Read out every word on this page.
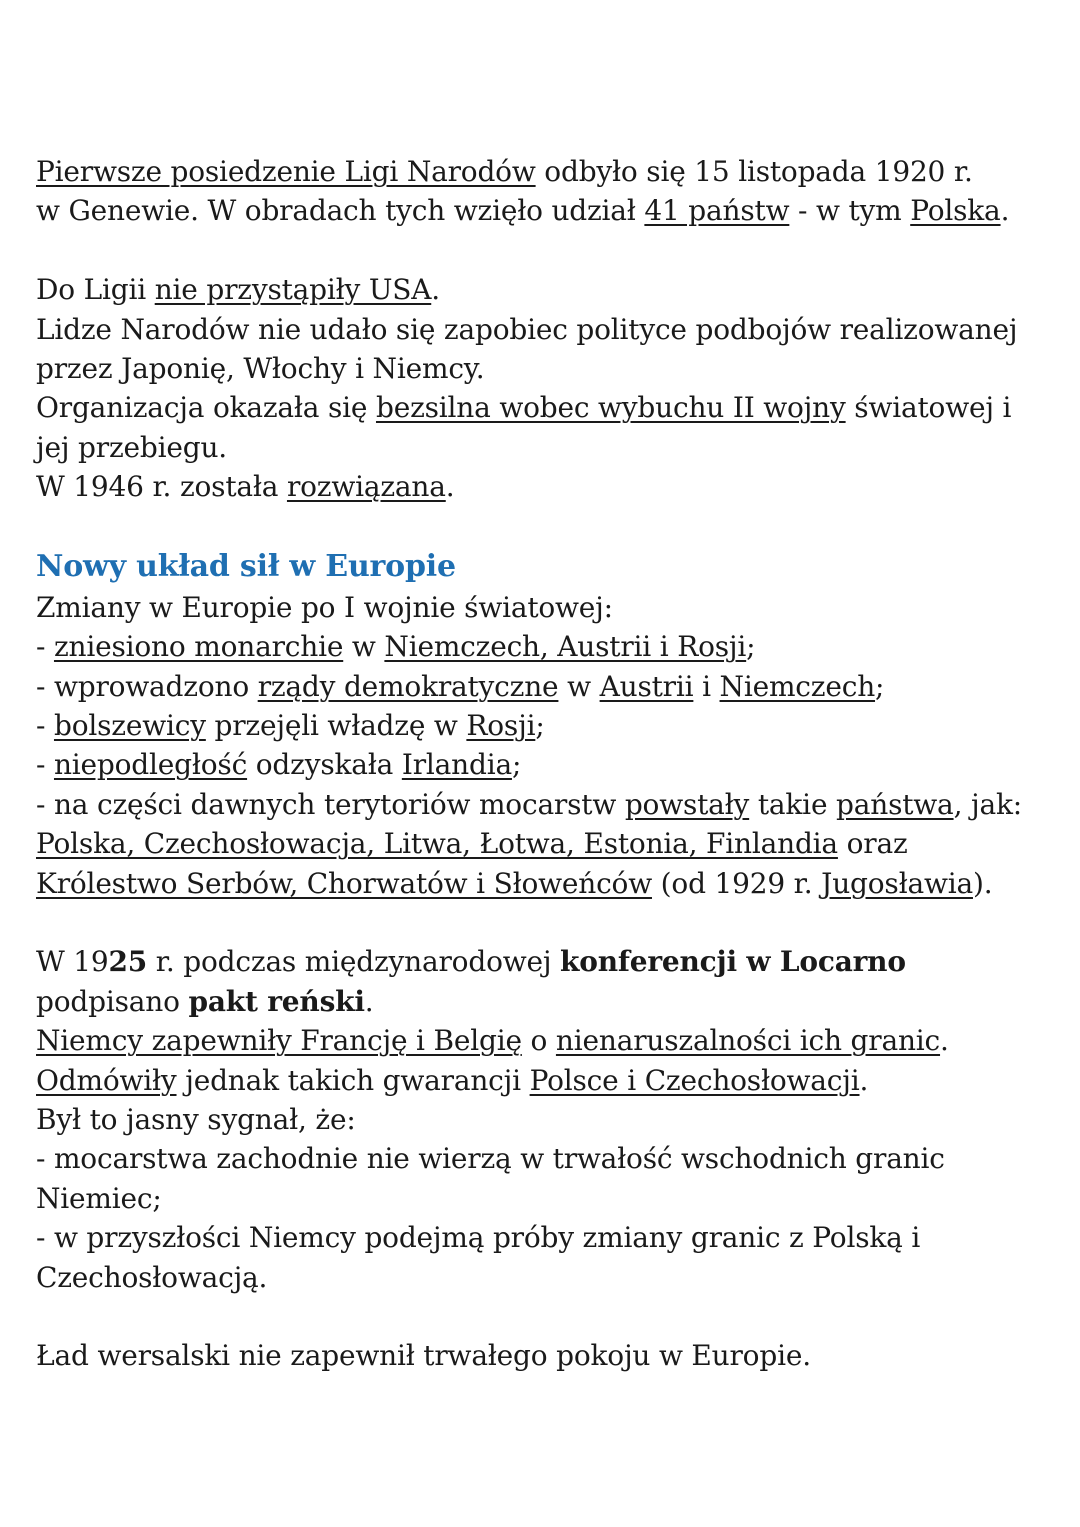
Pierwsze posiedzenie Ligi Narodów odbyło się 15 listopada 1920 r.
w Genewie. W obradach tych wzięło udział 41 państw - w tym Polska.
Do Ligii nie przystąpiły USA.
Lidze Narodów nie udało się zapobiec polityce podbojów realizowanej
przez Japonię, Włochy i Niemcy.
Organizacja okazała się bezsilna wobec wybuchu II wojny światowej i
jej przebiegu.
W 1946 r. została rozwiązana.
Nowy układ sił w Europie
Zmiany w Europie po I wojnie światowej:
- zniesiono monarchie w Niemczech, Austrii i Rosji;
- wprowadzono rządy demokratyczne w Austrii i Niemczech;
- bolszewicy przejęli władzę w Rosji;
- niepodległość odzyskała Irlandia;
- na części dawnych terytoriów mocarstw powstały takie państwa, jak:
Polska, Czechosłowacja, Litwa, Łotwa, Estonia, Finlandia oraz
Królestwo Serbów, Chorwatów i Słoweńców (od 1929 r. Jugosławia).
W 1925 r. podczas międzynarodowej konferencji w Locarno
podpisano pakt reński.
Niemcy zapewniły Francję i Belgię o nienaruszalności ich granic.
Odmówiły jednak takich gwarancji Polsce i Czechosłowacji.
Był to jasny sygnał, że:
- mocarstwa zachodnie nie wierzą w trwałość wschodnich granic
Niemiec;
- w przyszłości Niemcy podejmą próby zmiany granic z Polską i
Czechosłowacją.
Ład wersalski nie zapewnił trwałego pokoju w Europie.
